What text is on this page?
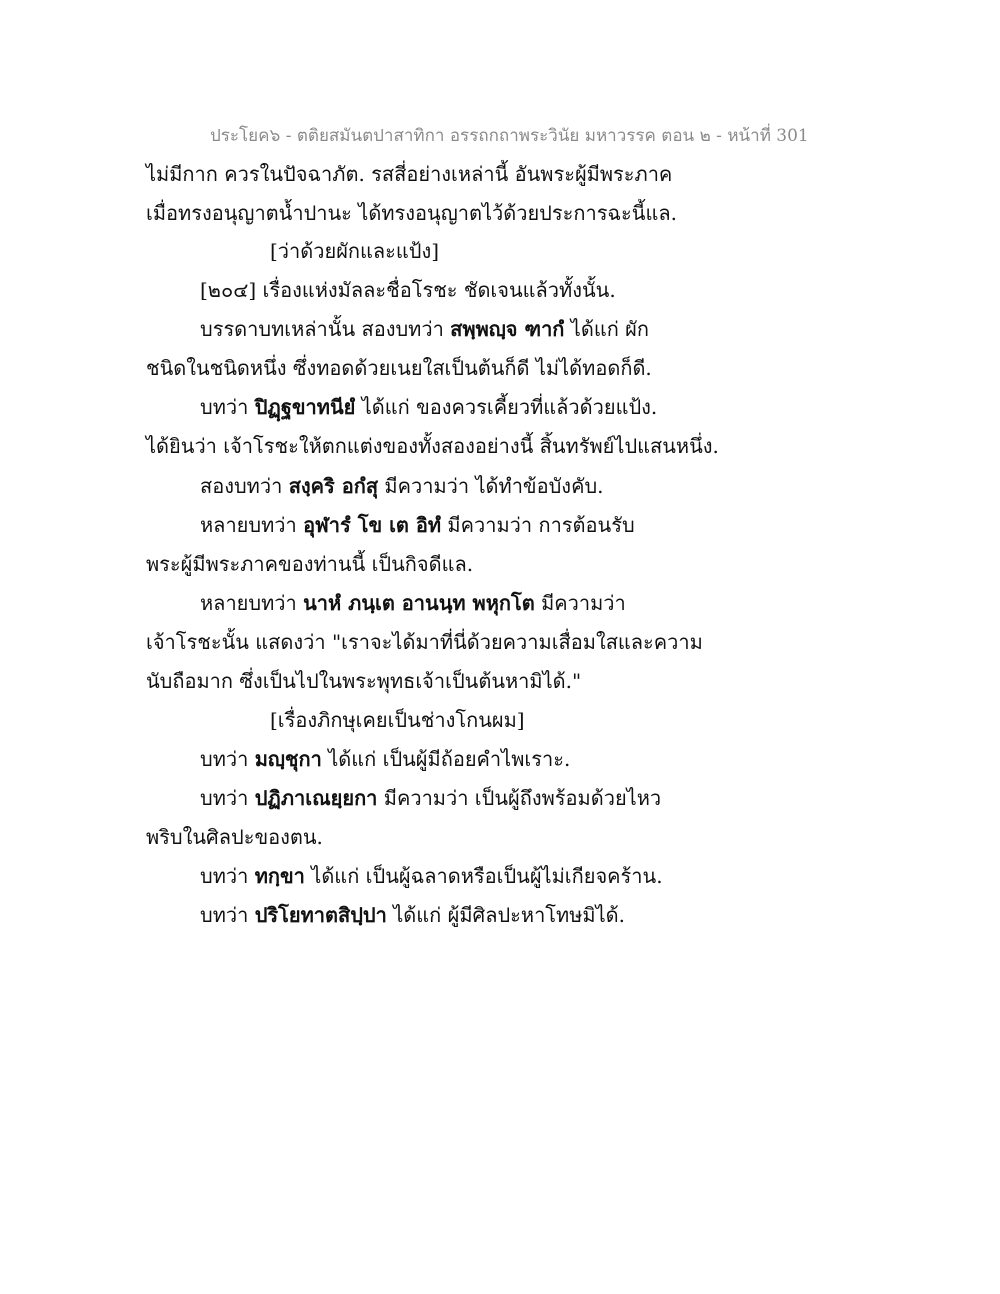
ประโยค๖ - ตติยสมันตปาสาทิกา อรรถกถาพระวินัย มหาวรรค ตอน ๒ - หน้าที่ 301
ไม่มีกาก ควรในปัจฉาภัต. รสสี่อย่างเหล่านี้ อันพระผู้มีพระภาค
เมื่อทรงอนุญาตน้ำปานะ ได้ทรงอนุญาตไว้ด้วยประการฉะนี้แล.
[ว่าด้วยผักและแป้ง]
[๒๐๔] เรื่องแห่งมัลละชื่อโรชะ ชัดเจนแล้วทั้งนั้น.
บรรดาบทเหล่านั้น สองบทว่า สพฺพญฺจ ฑากํ ได้แก่ ผัก
ชนิดในชนิดหนึ่ง ซึ่งทอดด้วยเนยใสเป็นต้นก็ดี ไม่ได้ทอดก็ดี.
บทว่า ปิฏฺฐขาทนียํ ได้แก่ ของควรเคี้ยวที่แล้วด้วยแป้ง.
ได้ยินว่า เจ้าโรชะให้ตกแต่งของทั้งสองอย่างนี้ สิ้นทรัพย์ไปแสนหนึ่ง.
สองบทว่า สงฺคริ อกํสุ มีความว่า ได้ทำข้อบังคับ.
หลายบทว่า อุฬารํ โข เต อิทํ มีความว่า การต้อนรับ
พระผู้มีพระภาคของท่านนี้ เป็นกิจดีแล.
หลายบทว่า นาหํ ภนฺเต อานนฺท พหุกโต มีความว่า
เจ้าโรชะนั้น แสดงว่า "เราจะได้มาที่นี่ด้วยความเสื่อมใสและความ
นับถือมาก ซึ่งเป็นไปในพระพุทธเจ้าเป็นต้นหามิได้."
[เรื่องภิกษุเคยเป็นช่างโกนผม]
บทว่า มญฺชุกา ได้แก่ เป็นผู้มีถ้อยคำไพเราะ.
บทว่า ปฏิภาเณยฺยกา มีความว่า เป็นผู้ถึงพร้อมด้วยไหว
พริบในศิลปะของตน.
บทว่า ทกฺขา ได้แก่ เป็นผู้ฉลาดหรือเป็นผู้ไม่เกียจคร้าน.
บทว่า ปริโยทาตสิปฺปา ได้แก่ ผู้มีศิลปะหาโทษมิได้.
